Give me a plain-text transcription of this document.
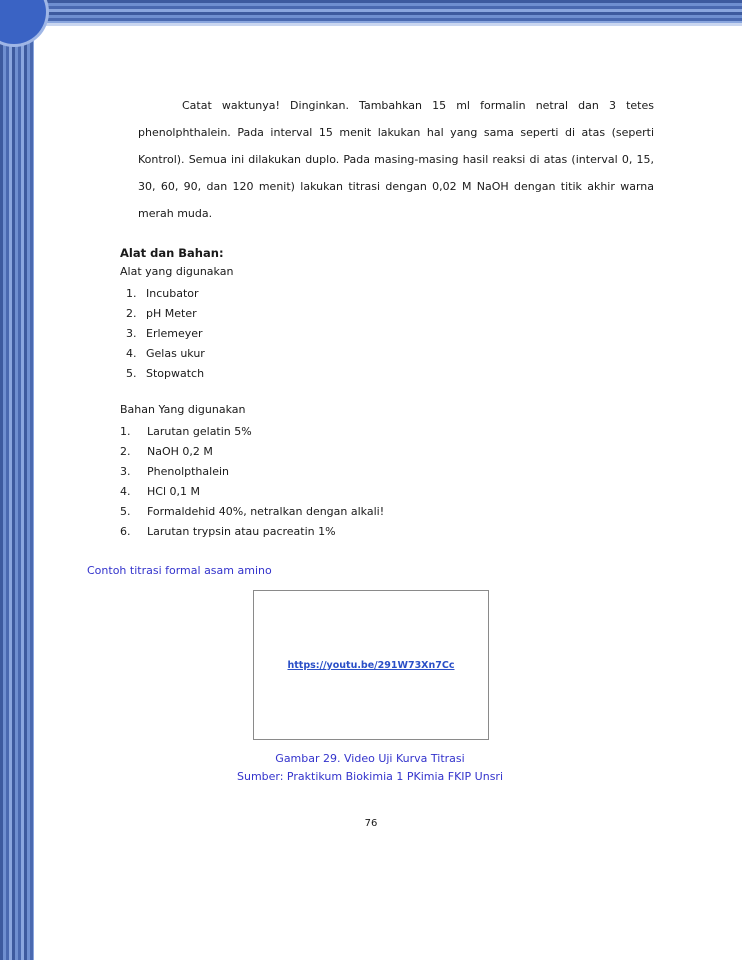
Catat waktunya! Dinginkan. Tambahkan 15 ml formalin netral dan 3 tetes phenolphthalein. Pada interval 15 menit lakukan hal yang sama seperti di atas (seperti Kontrol). Semua ini dilakukan duplo. Pada masing-masing hasil reaksi di atas (interval 0, 15, 30, 60, 90, dan 120 menit) lakukan titrasi dengan 0,02 M NaOH dengan titik akhir warna merah muda.

Alat dan Bahan:

Alat yang digunakan

1. Incubator
2. pH Meter
3. Erlemeyer
4. Gelas ukur
5. Stopwatch

Bahan Yang digunakan

1.	Larutan gelatin 5%
2.	NaOH 0,2 M
3.	Phenolpthalein
4.	HCl 0,1 M
5.	Formaldehid 40%, netralkan dengan alkali!
6.	Larutan trypsin atau pacreatin 1%

Contoh titrasi formal asam amino

https://youtu.be/291W73Xn7Cc

Gambar 29. Video Uji Kurva Titrasi

Sumber: Praktikum Biokimia 1 PKimia FKIP Unsri

76
